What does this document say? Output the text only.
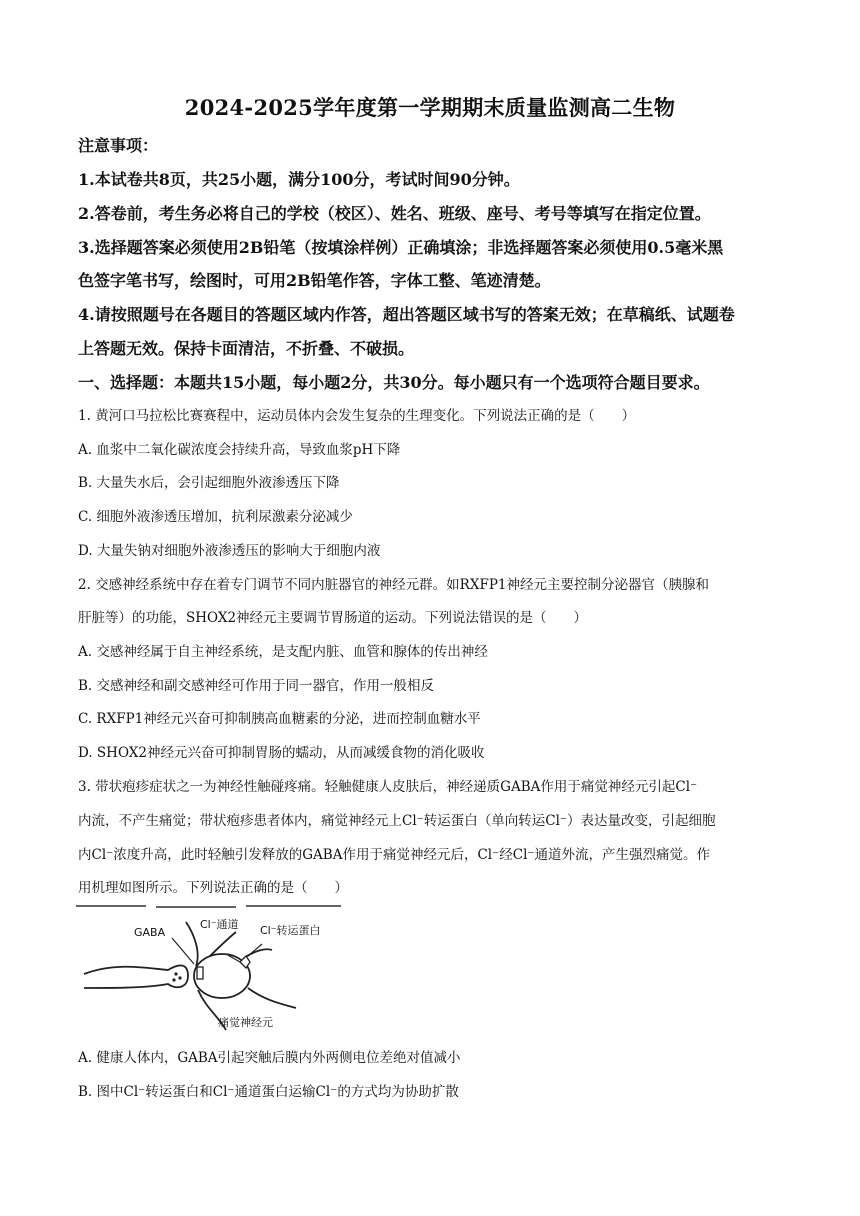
2024-2025学年度第一学期期末质量监测高二生物
注意事项：
1.本试卷共8页，共25小题，满分100分，考试时间90分钟。
2.答卷前，考生务必将自己的学校（校区）、姓名、班级、座号、考号等填写在指定位置。
3.选择题答案必须使用2B铅笔（按填涂样例）正确填涂；非选择题答案必须使用0.5毫米黑
色签字笔书写，绘图时，可用2B铅笔作答，字体工整、笔迹清楚。
4.请按照题号在各题目的答题区域内作答，超出答题区域书写的答案无效；在草稿纸、试题卷
上答题无效。保持卡面清洁，不折叠、不破损。
一、选择题：本题共15小题，每小题2分，共30分。每小题只有一个选项符合题目要求。
1. 黄河口马拉松比赛赛程中，运动员体内会发生复杂的生理变化。下列说法正确的是（　　）
A. 血浆中二氧化碳浓度会持续升高，导致血浆pH下降
B. 大量失水后，会引起细胞外液渗透压下降
C. 细胞外液渗透压增加，抗利尿激素分泌减少
D. 大量失钠对细胞外液渗透压的影响大于细胞内液
2. 交感神经系统中存在着专门调节不同内脏器官的神经元群。如RXFP1神经元主要控制分泌器官（胰腺和
肝脏等）的功能，SHOX2神经元主要调节胃肠道的运动。下列说法错误的是（　　）
A. 交感神经属于自主神经系统，是支配内脏、血管和腺体的传出神经
B. 交感神经和副交感神经可作用于同一器官，作用一般相反
C. RXFP1神经元兴奋可抑制胰高血糖素的分泌，进而控制血糖水平
D. SHOX2神经元兴奋可抑制胃肠的蠕动，从而减缓食物的消化吸收
3. 带状疱疹症状之一为神经性触碰疼痛。轻触健康人皮肤后，神经递质GABA作用于痛觉神经元引起Cl⁻
内流，不产生痛觉；带状疱疹患者体内，痛觉神经元上Cl⁻转运蛋白（单向转运Cl⁻）表达量改变，引起细胞
内Cl⁻浓度升高，此时轻触引发释放的GABA作用于痛觉神经元后，Cl⁻经Cl⁻通道外流，产生强烈痛觉。作
用机理如图所示。下列说法正确的是（　　）
GABA
Cl⁻通道 Cl⁻转运蛋白
痛觉神经元
A. 健康人体内，GABA引起突触后膜内外两侧电位差绝对值减小
B. 图中Cl⁻转运蛋白和Cl⁻通道蛋白运输Cl⁻的方式均为协助扩散
